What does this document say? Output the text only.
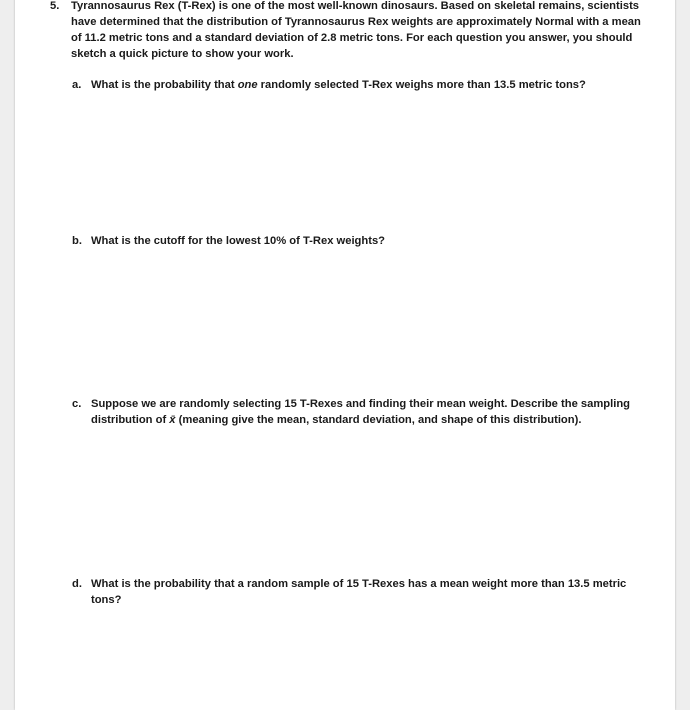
5. Tyrannosaurus Rex (T-Rex) is one of the most well-known dinosaurs. Based on skeletal remains, scientists have determined that the distribution of Tyrannosaurus Rex weights are approximately Normal with a mean of 11.2 metric tons and a standard deviation of 2.8 metric tons. For each question you answer, you should sketch a quick picture to show your work.
a. What is the probability that one randomly selected T-Rex weighs more than 13.5 metric tons?
b. What is the cutoff for the lowest 10% of T-Rex weights?
c. Suppose we are randomly selecting 15 T-Rexes and finding their mean weight. Describe the sampling distribution of x̄ (meaning give the mean, standard deviation, and shape of this distribution).
d. What is the probability that a random sample of 15 T-Rexes has a mean weight more than 13.5 metric tons?
